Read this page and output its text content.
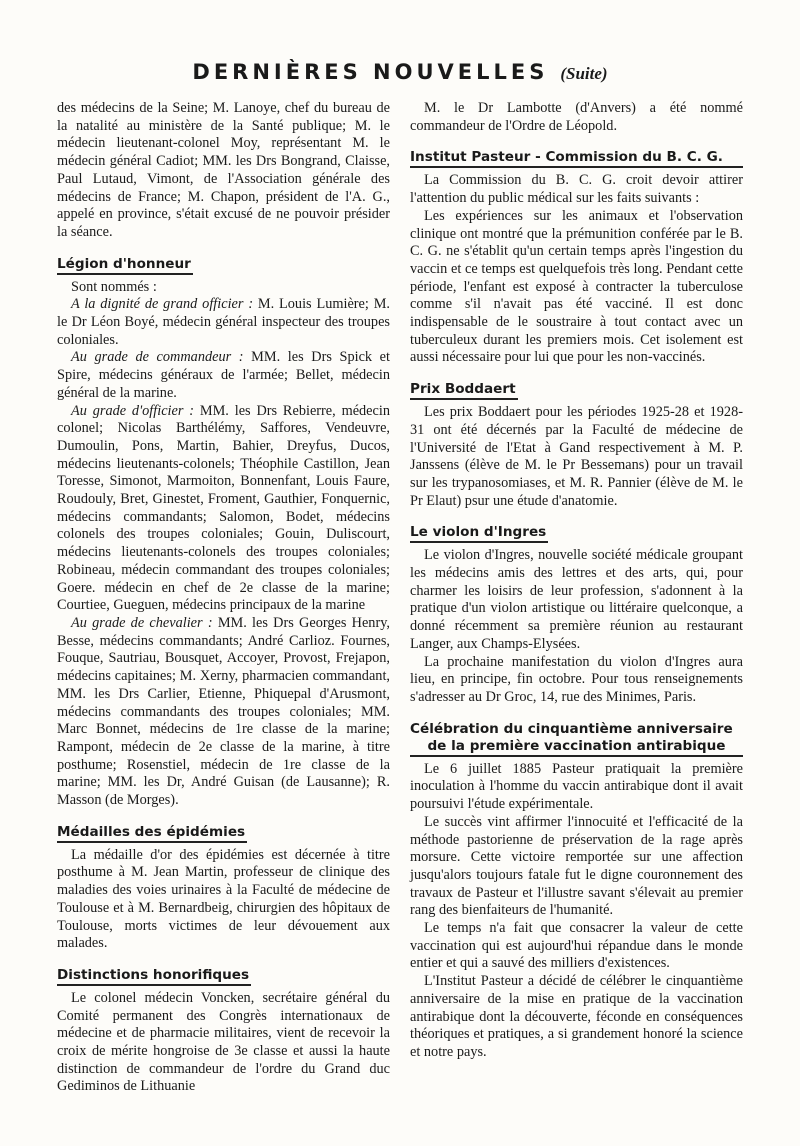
DERNIÈRES NOUVELLES (Suite)

des médecins de la Seine; M. Lanoye, chef du bureau de la natalité au ministère de la Santé publique; M. le médecin lieutenant-colonel Moy, représentant M. le médecin général Cadiot; MM. les Drs Bongrand, Claisse, Paul Lutaud, Vimont, de l'Association générale des médecins de France; M. Chapon, président de l'A. G., appelé en province, s'était excusé de ne pouvoir présider la séance.

Légion d'honneur

Sont nommés :

A la dignité de grand officier : M. Louis Lumière; M. le Dr Léon Boyé, médecin général inspecteur des troupes coloniales.

Au grade de commandeur : MM. les Drs Spick et Spire, médecins généraux de l'armée; Bellet, médecin général de la marine.

Au grade d'officier : MM. les Drs Rebierre, médecin colonel; Nicolas Barthélémy, Saffores, Vendeuvre, Dumoulin, Pons, Martin, Bahier, Dreyfus, Ducos, médecins lieutenants-colonels; Théophile Castillon, Jean Toresse, Simonot, Marmoiton, Bonnenfant, Louis Faure, Roudouly, Bret, Ginestet, Froment, Gauthier, Fonquernic, médecins commandants; Salomon, Bodet, médecins colonels des troupes coloniales; Gouin, Duliscourt, médecins lieutenants-colonels des troupes coloniales; Robineau, médecin commandant des troupes coloniales; Goere. médecin en chef de 2e classe de la marine; Courtiee, Gueguen, médecins principaux de la marine

Au grade de chevalier : MM. les Drs Georges Henry, Besse, médecins commandants; André Carlioz. Fournes, Fouque, Sautriau, Bousquet, Accoyer, Provost, Frejapon, médecins capitaines; M. Xerny, pharmacien commandant, MM. les Drs Carlier, Etienne, Phiquepal d'Arusmont, médecins commandants des troupes coloniales; MM. Marc Bonnet, médecins de 1re classe de la marine; Rampont, médecin de 2e classe de la marine, à titre posthume; Rosenstiel, médecin de 1re classe de la marine; MM. les Dr, André Guisan (de Lausanne); R. Masson (de Morges).

Médailles des épidémies

La médaille d'or des épidémies est décernée à titre posthume à M. Jean Martin, professeur de clinique des maladies des voies urinaires à la Faculté de médecine de Toulouse et à M. Bernardbeig, chirurgien des hôpitaux de Toulouse, morts victimes de leur dévouement aux malades.

Distinctions honorifiques

Le colonel médecin Voncken, secrétaire général du Comité permanent des Congrès internationaux de médecine et de pharmacie militaires, vient de recevoir la croix de mérite hongroise de 3e classe et aussi la haute distinction de commandeur de l'ordre du Grand duc Gediminos de Lithuanie

M. le Dr Lambotte (d'Anvers) a été nommé commandeur de l'Ordre de Léopold.

Institut Pasteur - Commission du B. C. G.

La Commission du B. C. G. croit devoir attirer l'attention du public médical sur les faits suivants :

Les expériences sur les animaux et l'observation clinique ont montré que la prémunition conférée par le B. C. G. ne s'établit qu'un certain temps après l'ingestion du vaccin et ce temps est quelquefois très long. Pendant cette période, l'enfant est exposé à contracter la tuberculose comme s'il n'avait pas été vacciné. Il est donc indispensable de le soustraire à tout contact avec un tuberculeux durant les premiers mois. Cet isolement est aussi nécessaire pour lui que pour les non-vaccinés.

Prix Boddaert

Les prix Boddaert pour les périodes 1925-28 et 1928-31 ont été décernés par la Faculté de médecine de l'Université de l'Etat à Gand respectivement à M. P. Janssens (élève de M. le Pr Bessemans) pour un travail sur les trypanosomiases, et M. R. Pannier (élève de M. le Pr Elaut) psur une étude d'anatomie.

Le violon d'Ingres

Le violon d'Ingres, nouvelle société médicale groupant les médecins amis des lettres et des arts, qui, pour charmer les loisirs de leur profession, s'adonnent à la pratique d'un violon artistique ou littéraire quelconque, a donné récemment sa première réunion au restaurant Langer, aux Champs-Elysées.

La prochaine manifestation du violon d'Ingres aura lieu, en principe, fin octobre. Pour tous renseignements s'adresser au Dr Groc, 14, rue des Minimes, Paris.

Célébration du cinquantième anniversaire
de la première vaccination antirabique

Le 6 juillet 1885 Pasteur pratiquait la première inoculation à l'homme du vaccin antirabique dont il avait poursuivi l'étude expérimentale.

Le succès vint affirmer l'innocuité et l'efficacité de la méthode pastorienne de préservation de la rage après morsure. Cette victoire remportée sur une affection jusqu'alors toujours fatale fut le digne couronnement des travaux de Pasteur et l'illustre savant s'élevait au premier rang des bienfaiteurs de l'humanité.

Le temps n'a fait que consacrer la valeur de cette vaccination qui est aujourd'hui répandue dans le monde entier et qui a sauvé des milliers d'existences.

L'Institut Pasteur a décidé de célébrer le cinquantième anniversaire de la mise en pratique de la vaccination antirabique dont la découverte, féconde en conséquences théoriques et pratiques, a si grandement honoré la science et notre pays.
